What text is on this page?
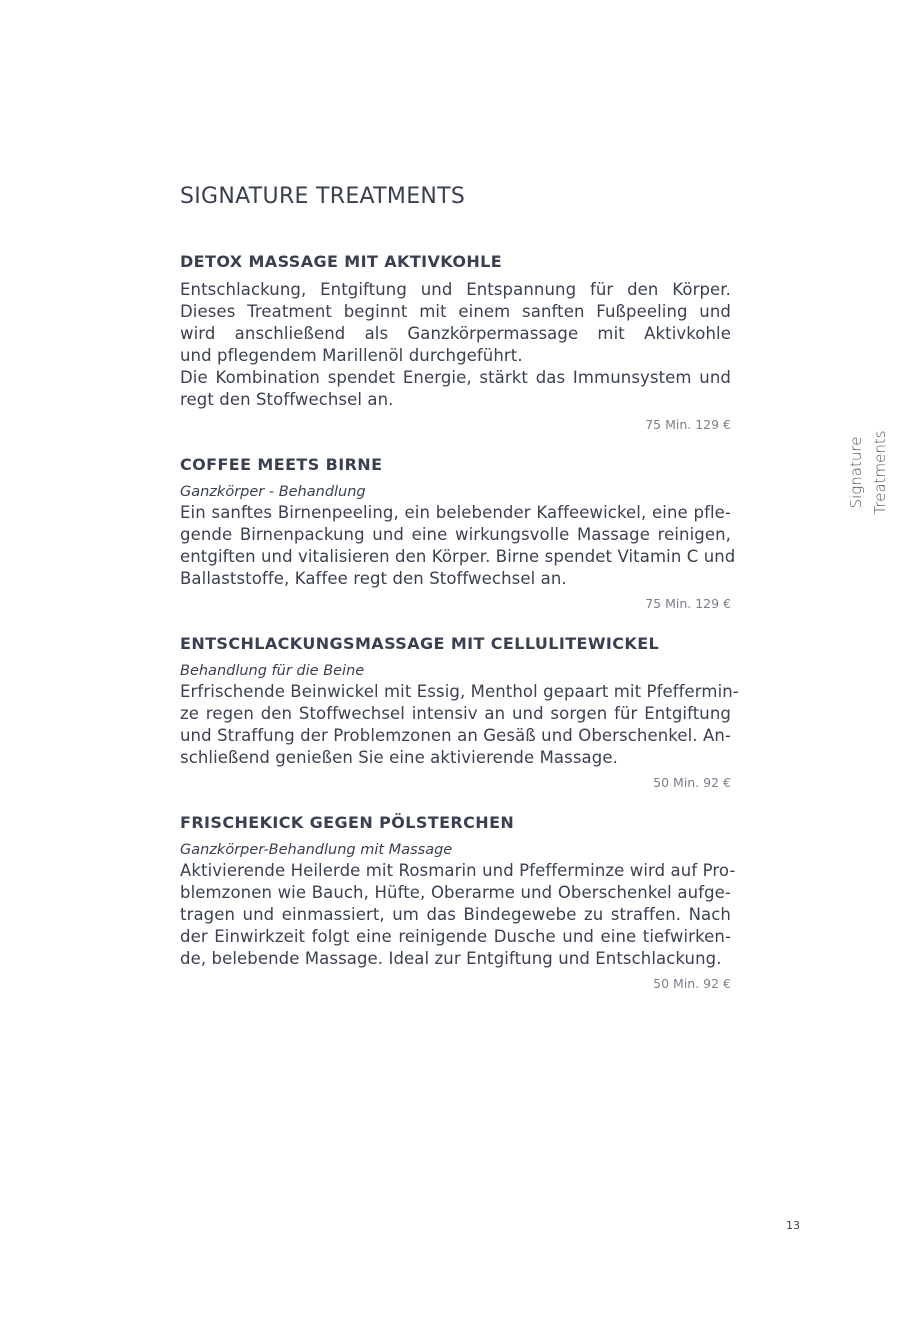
SIGNATURE TREATMENTS
DETOX MASSAGE MIT AKTIVKOHLE

Entschlackung, Entgiftung und Entspannung für den Körper.
Dieses Treatment beginnt mit einem sanften Fußpeeling und
wird anschließend als Ganzkörpermassage mit Aktivkohle
und pflegendem Marillenöl durchgeführt.
Die Kombination spendet Energie, stärkt das Immunsystem und
regt den Stoffwechsel an.

75 Min. 129 €

COFFEE MEETS BIRNE

Ganzkörper - Behandlung

Ein sanftes Birnenpeeling, ein belebender Kaffeewickel, eine pfle-
gende Birnenpackung und eine wirkungsvolle Massage reinigen,
entgiften und vitalisieren den Körper. Birne spendet Vitamin C und
Ballaststoffe, Kaffee regt den Stoffwechsel an.

75 Min. 129 €

ENTSCHLACKUNGSMASSAGE MIT CELLULITEWICKEL

Behandlung für die Beine

Erfrischende Beinwickel mit Essig, Menthol gepaart mit Pfeffermin-
ze regen den Stoffwechsel intensiv an und sorgen für Entgiftung
und Straffung der Problemzonen an Gesäß und Oberschenkel. An-
schließend genießen Sie eine aktivierende Massage.

50 Min. 92 €

FRISCHEKICK GEGEN PÖLSTERCHEN

Ganzkörper-Behandlung mit Massage

Aktivierende Heilerde mit Rosmarin und Pfefferminze wird auf Pro-
blemzonen wie Bauch, Hüfte, Oberarme und Oberschenkel aufge-
tragen und einmassiert, um das Bindegewebe zu straffen. Nach
der Einwirkzeit folgt eine reinigende Dusche und eine tiefwirken-
de, belebende Massage. Ideal zur Entgiftung und Entschlackung.

50 Min. 92 €

Signature Treatments
13
